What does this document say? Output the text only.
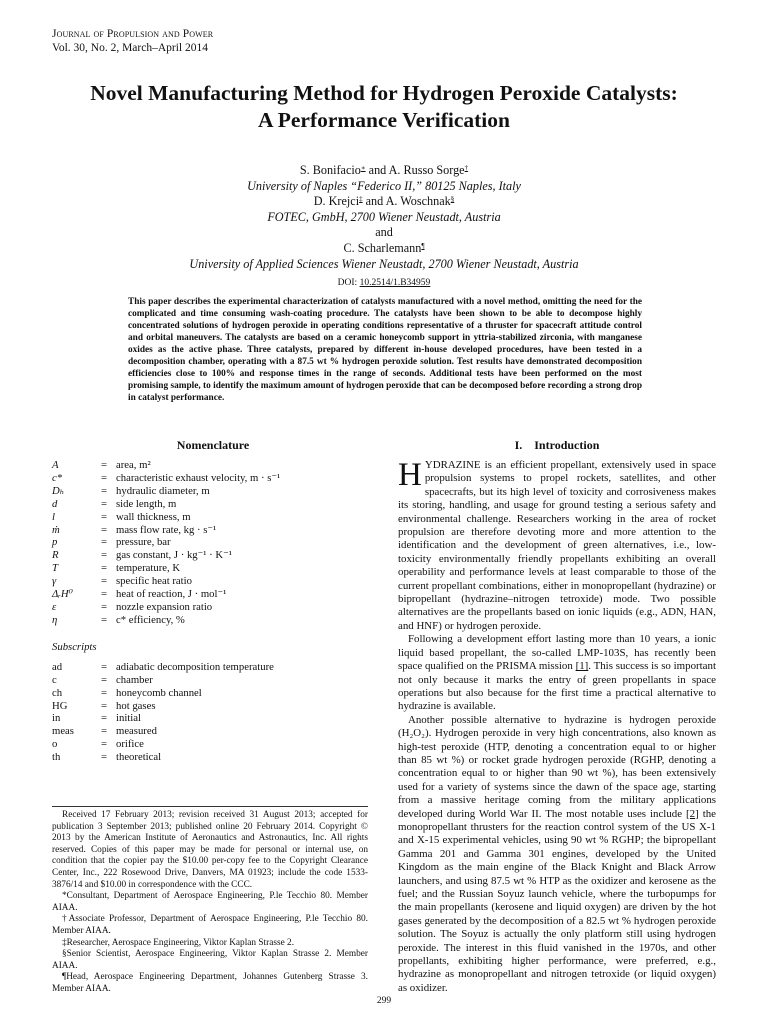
Journal of Propulsion and Power
Vol. 30, No. 2, March–April 2014
Novel Manufacturing Method for Hydrogen Peroxide Catalysts:
A Performance Verification
S. Bonifacio∗ and A. Russo Sorge†
University of Naples “Federico II,” 80125 Naples, Italy
D. Krejci‡ and A. Woschnak§
FOTEC, GmbH, 2700 Wiener Neustadt, Austria
and
C. Scharlemann¶
University of Applied Sciences Wiener Neustadt, 2700 Wiener Neustadt, Austria
DOI: 10.2514/1.B34959
This paper describes the experimental characterization of catalysts manufactured with a novel method, omitting the need for the complicated and time consuming wash-coating procedure. The catalysts have been shown to be able to decompose highly concentrated solutions of hydrogen peroxide in operating conditions representative of a thruster for spacecraft attitude control and orbital maneuvers. The catalysts are based on a ceramic honeycomb support in yttria-stabilized zirconia, with manganese oxides as the active phase. Three catalysts, prepared by different in-house developed procedures, have been tested in a decomposition chamber, operating with a 87.5 wt % hydrogen peroxide solution. Test results have demonstrated decomposition efficiencies close to 100% and response times in the range of seconds. Additional tests have been performed on the most promising sample, to identify the maximum amount of hydrogen peroxide that can be decomposed before recording a strong drop in catalyst performance.
Nomenclature
A	=	area, m²
c*	=	characteristic exhaust velocity, m · s⁻¹
Dₕ	=	hydraulic diameter, m
d	=	side length, m
l	=	wall thickness, m
ṁ	=	mass flow rate, kg · s⁻¹
p	=	pressure, bar
R	=	gas constant, J · kg⁻¹ · K⁻¹
T	=	temperature, K
γ	=	specific heat ratio
ΔᵣH⁰	=	heat of reaction, J · mol⁻¹
ε	=	nozzle expansion ratio
η	=	c* efficiency, %
Subscripts
ad	=	adiabatic decomposition temperature
c	=	chamber
ch	=	honeycomb channel
HG	=	hot gases
in	=	initial
meas	=	measured
o	=	orifice
th	=	theoretical

Received 17 February 2013; revision received 31 August 2013; accepted for publication 3 September 2013; published online 20 February 2014. Copyright © 2013 by the American Institute of Aeronautics and Astronautics, Inc. All rights reserved. Copies of this paper may be made for personal or internal use, on condition that the copier pay the $10.00 per-copy fee to the Copyright Clearance Center, Inc., 222 Rosewood Drive, Danvers, MA 01923; include the code 1533-3876/14 and $10.00 in correspondence with the CCC.

*Consultant, Department of Aerospace Engineering, P.le Tecchio 80. Member AIAA.

†Associate Professor, Department of Aerospace Engineering, P.le Tecchio 80. Member AIAA.

‡Researcher, Aerospace Engineering, Viktor Kaplan Strasse 2.

§Senior Scientist, Aerospace Engineering, Viktor Kaplan Strasse 2. Member AIAA.

¶Head, Aerospace Engineering Department, Johannes Gutenberg Strasse 3. Member AIAA.

I. Introduction

HYDRAZINE is an efficient propellant, extensively used in space propulsion systems to propel rockets, satellites, and other spacecrafts, but its high level of toxicity and corrosiveness makes its storing, handling, and usage for ground testing a serious safety and environmental challenge. Researchers working in the area of rocket propulsion are therefore devoting more and more attention to the identification and the development of green alternatives, i.e., low-toxicity environmentally friendly propellants exhibiting an overall operability and performance levels at least comparable to those of the current propellant combinations, either in monopropellant (hydrazine) or bipropellant (hydrazine–nitrogen tetroxide) mode. Two possible alternatives are the propellants based on ionic liquids (e.g., ADN, HAN, and HNF) or hydrogen peroxide.

Following a development effort lasting more than 10 years, a ionic liquid based propellant, the so-called LMP-103S, has recently been space qualified on the PRISMA mission [1]. This success is so important not only because it marks the entry of green propellants in space operations but also because for the first time a practical alternative to hydrazine is available.

Another possible alternative to hydrazine is hydrogen peroxide (H₂O₂). Hydrogen peroxide in very high concentrations, also known as high-test peroxide (HTP, denoting a concentration equal to or higher than 85 wt %) or rocket grade hydrogen peroxide (RGHP, denoting a concentration equal to or higher than 90 wt %), has been extensively used for a variety of systems since the dawn of the space age, starting from a massive heritage coming from the military applications developed during World War II. The most notable uses include [2] the monopropellant thrusters for the reaction control system of the US X-1 and X-15 experimental vehicles, using 90 wt % RGHP; the bipropellant Gamma 201 and Gamma 301 engines, developed by the United Kingdom as the main engine of the Black Knight and Black Arrow launchers, and using 87.5 wt % HTP as the oxidizer and kerosene as the fuel; and the Russian Soyuz launch vehicle, where the turbopumps for the main propellants (kerosene and liquid oxygen) are driven by the hot gases generated by the decomposition of a 82.5 wt % hydrogen peroxide solution. The Soyuz is actually the only platform still using hydrogen peroxide. The interest in this fluid vanished in the 1970s, and other propellants, exhibiting higher performance, were preferred, e.g., hydrazine as monopropellant and nitrogen tetroxide (or liquid oxygen) as oxidizer.

299
